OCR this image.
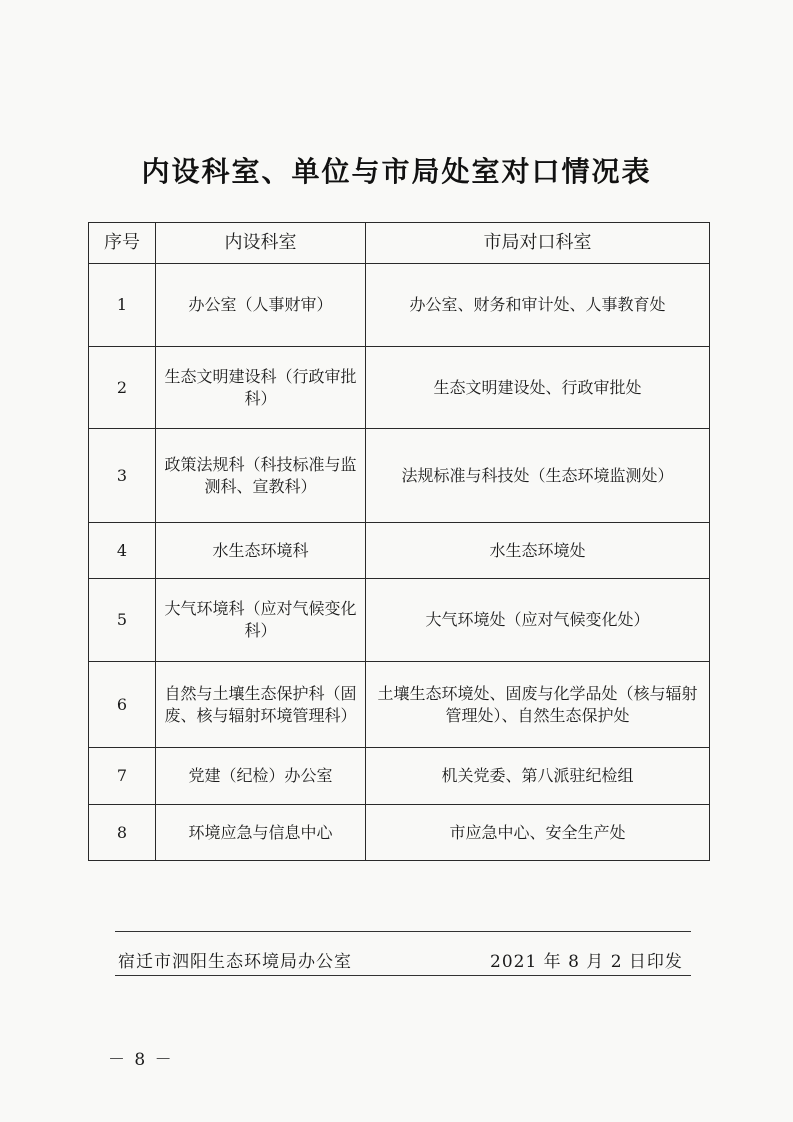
内设科室、单位与市局处室对口情况表
序号	内设科室	市局对口科室
1	办公室（人事财审）	办公室、财务和审计处、人事教育处
2	生态文明建设科（行政审批科）	生态文明建设处、行政审批处
3	政策法规科（科技标准与监测科、宣教科）	法规标准与科技处（生态环境监测处）
4	水生态环境科	水生态环境处
5	大气环境科（应对气候变化科）	大气环境处（应对气候变化处）
6	自然与土壤生态保护科（固废、核与辐射环境管理科）	土壤生态环境处、固废与化学品处（核与辐射管理处）、自然生态保护处
7	党建（纪检）办公室	机关党委、第八派驻纪检组
8	环境应急与信息中心	市应急中心、安全生产处
宿迁市泗阳生态环境局办公室	2021 年 8 月 2 日印发
－ 8 －
